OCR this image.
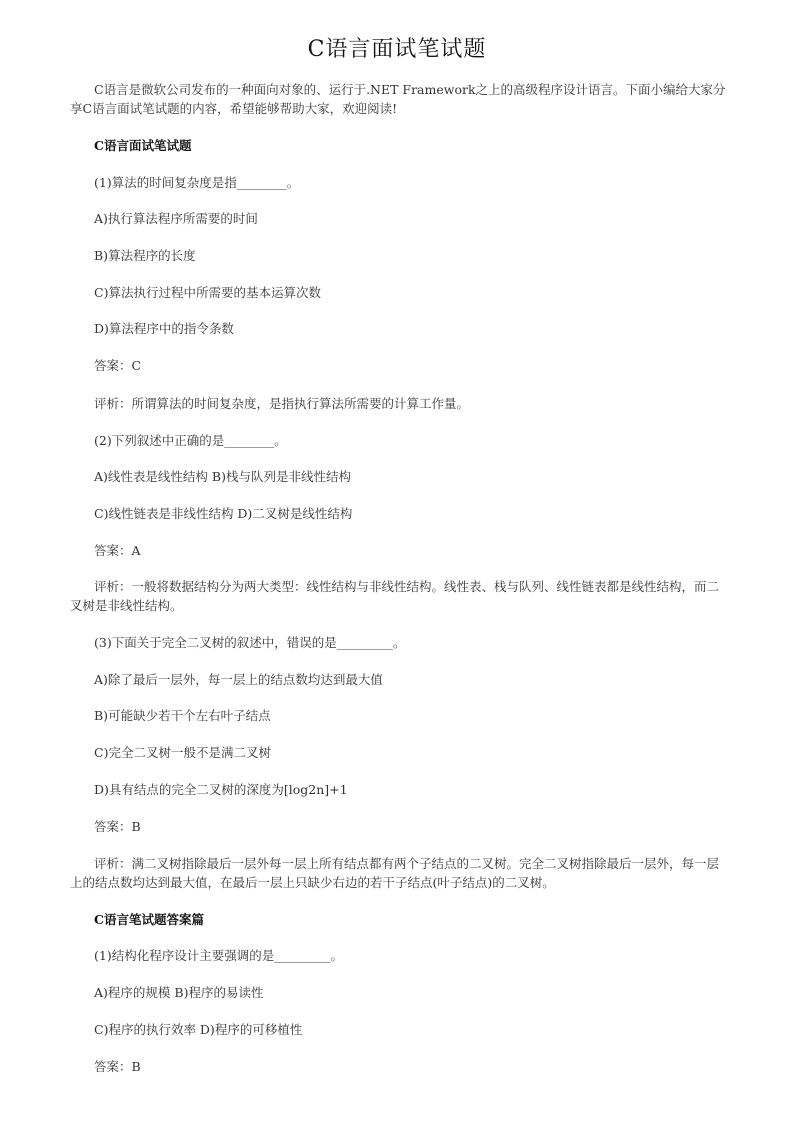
C语言面试笔试题
C语言是微软公司发布的一种面向对象的、运行于.NET Framework之上的高级程序设计语言。下面小编给大家分享C语言面试笔试题的内容，希望能够帮助大家，欢迎阅读!
C语言面试笔试题
(1)算法的时间复杂度是指________。
A)执行算法程序所需要的时间
B)算法程序的长度
C)算法执行过程中所需要的基本运算次数
D)算法程序中的指令条数
答案：C
评析：所谓算法的时间复杂度，是指执行算法所需要的计算工作量。
(2)下列叙述中正确的是________。
A)线性表是线性结构 B)栈与队列是非线性结构
C)线性链表是非线性结构 D)二叉树是线性结构
答案：A
评析：一般将数据结构分为两大类型：线性结构与非线性结构。线性表、栈与队列、线性链表都是线性结构，而二叉树是非线性结构。
(3)下面关于完全二叉树的叙述中，错误的是_________。
A)除了最后一层外，每一层上的结点数均达到最大值
B)可能缺少若干个左右叶子结点
C)完全二叉树一般不是满二叉树
D)具有结点的完全二叉树的深度为[log2n]+1
答案：B
评析：满二叉树指除最后一层外每一层上所有结点都有两个子结点的二叉树。完全二叉树指除最后一层外，每一层上的结点数均达到最大值，在最后一层上只缺少右边的若干子结点(叶子结点)的二叉树。
C语言笔试题答案篇
(1)结构化程序设计主要强调的是_________。
A)程序的规模 B)程序的易读性
C)程序的执行效率 D)程序的可移植性
答案：B
